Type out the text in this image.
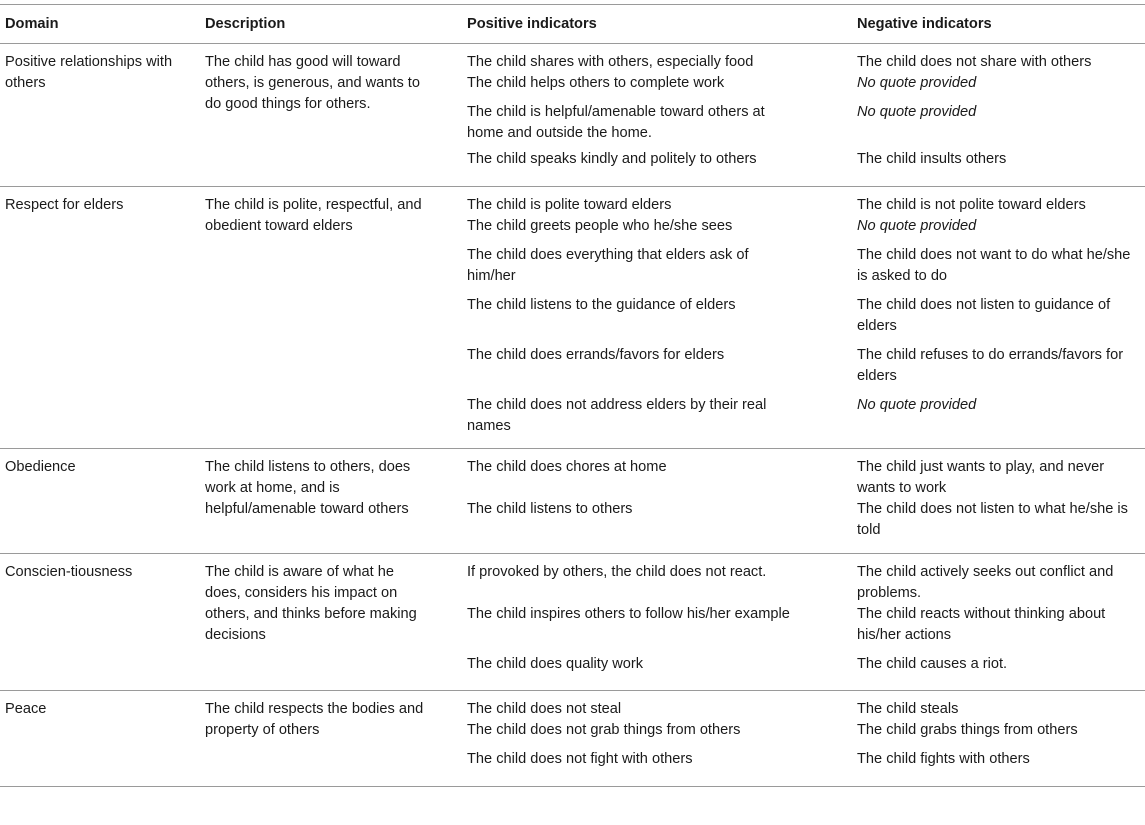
Domain	Description	Positive indicators	Negative indicators
Positive relationships with others	The child has good will toward others, is generous, and wants to do good things for others.	The child shares with others, especially food	The child does not share with others
		The child helps others to complete work	No quote provided
		The child is helpful/amenable toward others at home and outside the home.	No quote provided
		The child speaks kindly and politely to others	The child insults others
Respect for elders	The child is polite, respectful, and obedient toward elders	The child is polite toward elders	The child is not polite toward elders
		The child greets people who he/she sees	No quote provided
		The child does everything that elders ask of him/her	The child does not want to do what he/she is asked to do
		The child listens to the guidance of elders	The child does not listen to guidance of elders
		The child does errands/favors for elders	The child refuses to do errands/favors for elders
		The child does not address elders by their real names	No quote provided
Obedience	The child listens to others, does work at home, and is helpful/amenable toward others	The child does chores at home	The child just wants to play, and never wants to work
		The child listens to others	The child does not listen to what he/she is told
Conscien-tiousness	The child is aware of what he does, considers his impact on others, and thinks before making decisions	If provoked by others, the child does not react.	The child actively seeks out conflict and problems.
		The child inspires others to follow his/her example	The child reacts without thinking about his/her actions
		The child does quality work	The child causes a riot.
Peace	The child respects the bodies and property of others	The child does not steal	The child steals
		The child does not grab things from others	The child grabs things from others
		The child does not fight with others	The child fights with others
